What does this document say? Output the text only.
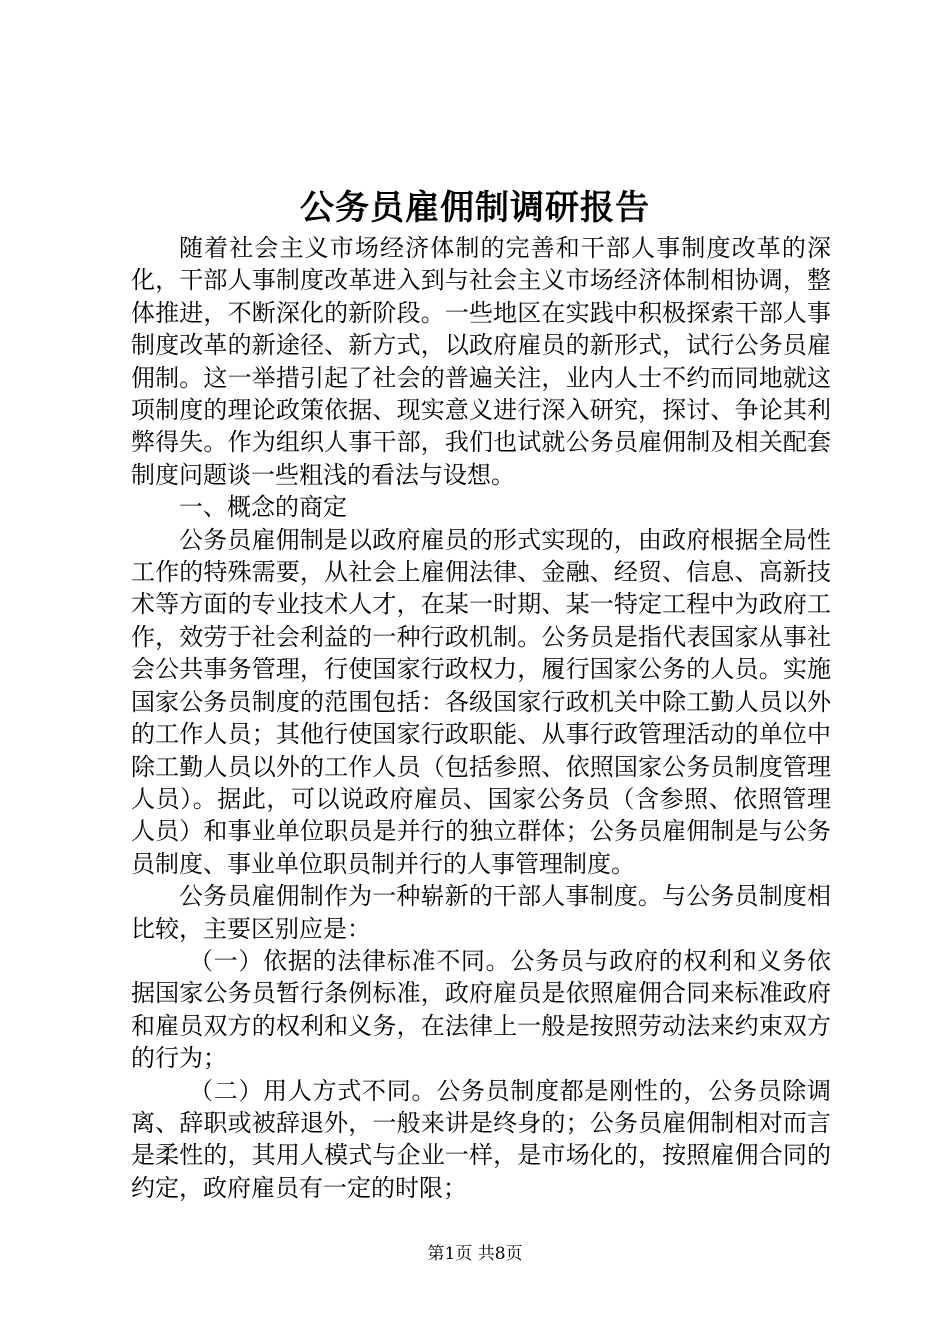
公务员雇佣制调研报告

随着社会主义市场经济体制的完善和干部人事制度改革的深化，干部人事制度改革进入到与社会主义市场经济体制相协调，整体推进，不断深化的新阶段。一些地区在实践中积极探索干部人事制度改革的新途径、新方式，以政府雇员的新形式，试行公务员雇佣制。这一举措引起了社会的普遍关注，业内人士不约而同地就这项制度的理论政策依据、现实意义进行深入研究，探讨、争论其利弊得失。作为组织人事干部，我们也试就公务员雇佣制及相关配套制度问题谈一些粗浅的看法与设想。

一、概念的商定

公务员雇佣制是以政府雇员的形式实现的，由政府根据全局性工作的特殊需要，从社会上雇佣法律、金融、经贸、信息、高新技术等方面的专业技术人才，在某一时期、某一特定工程中为政府工作，效劳于社会利益的一种行政机制。公务员是指代表国家从事社会公共事务管理，行使国家行政权力，履行国家公务的人员。实施国家公务员制度的范围包括：各级国家行政机关中除工勤人员以外的工作人员；其他行使国家行政职能、从事行政管理活动的单位中除工勤人员以外的工作人员（包括参照、依照国家公务员制度管理人员）。据此，可以说政府雇员、国家公务员（含参照、依照管理人员）和事业单位职员是并行的独立群体；公务员雇佣制是与公务员制度、事业单位职员制并行的人事管理制度。

公务员雇佣制作为一种崭新的干部人事制度。与公务员制度相比较，主要区别应是：

（一）依据的法律标准不同。公务员与政府的权利和义务依据国家公务员暂行条例标准，政府雇员是依照雇佣合同来标准政府和雇员双方的权利和义务，在法律上一般是按照劳动法来约束双方的行为；

（二）用人方式不同。公务员制度都是刚性的，公务员除调离、辞职或被辞退外，一般来讲是终身的；公务员雇佣制相对而言是柔性的，其用人模式与企业一样，是市场化的，按照雇佣合同的约定，政府雇员有一定的时限；

第1页 共8页
